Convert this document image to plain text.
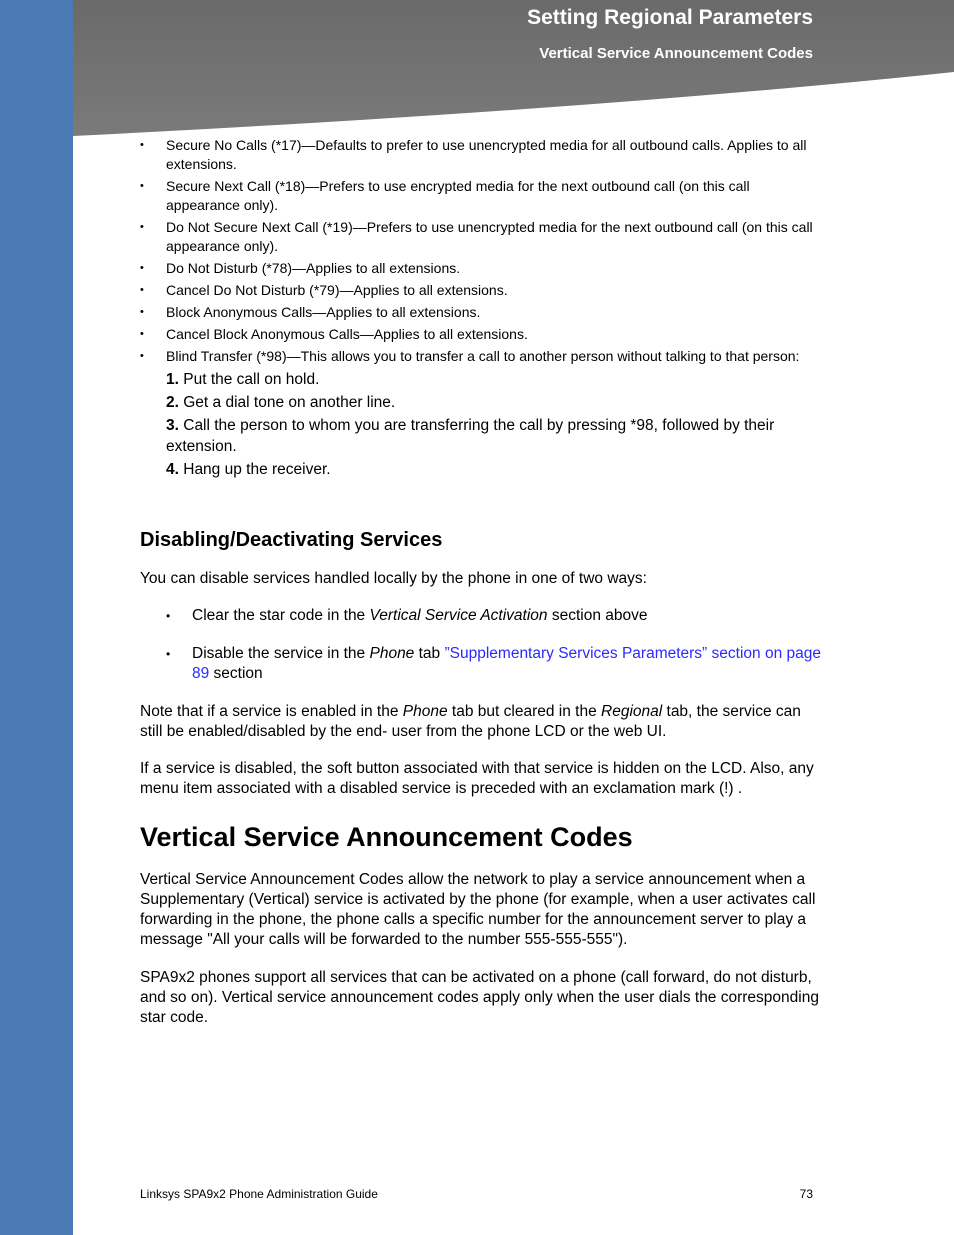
Setting Regional Parameters
Vertical Service Announcement Codes
• Secure No Calls (*17)—Defaults to prefer to use unencrypted media for all outbound calls. Applies to all extensions.
• Secure Next Call (*18)—Prefers to use encrypted media for the next outbound call (on this call appearance only).
• Do Not Secure Next Call (*19)—Prefers to use unencrypted media for the next outbound call (on this call appearance only).
• Do Not Disturb (*78)—Applies to all extensions.
• Cancel Do Not Disturb (*79)—Applies to all extensions.
• Block Anonymous Calls—Applies to all extensions.
• Cancel Block Anonymous Calls—Applies to all extensions.
• Blind Transfer (*98)—This allows you to transfer a call to another person without talking to that person:
1. Put the call on hold.
2. Get a dial tone on another line.
3. Call the person to whom you are transferring the call by pressing *98, followed by their extension.
4. Hang up the receiver.
Disabling/Deactivating Services

You can disable services handled locally by the phone in one of two ways:

• Clear the star code in the Vertical Service Activation section above
• Disable the service in the Phone tab ”Supplementary Services Parameters” section on page 89 section

Note that if a service is enabled in the Phone tab but cleared in the Regional tab, the service can still be enabled/disabled by the end- user from the phone LCD or the web UI.

If a service is disabled, the soft button associated with that service is hidden on the LCD. Also, any menu item associated with a disabled service is preceded with an exclamation mark (!) .

Vertical Service Announcement Codes

Vertical Service Announcement Codes allow the network to play a service announcement when a Supplementary (Vertical) service is activated by the phone (for example, when a user activates call forwarding in the phone, the phone calls a specific number for the announcement server to play a message "All your calls will be forwarded to the number 555-555-555").

SPA9x2 phones support all services that can be activated on a phone (call forward, do not disturb, and so on). Vertical service announcement codes apply only when the user dials the corresponding star code.

Linksys SPA9x2 Phone Administration Guide	73
